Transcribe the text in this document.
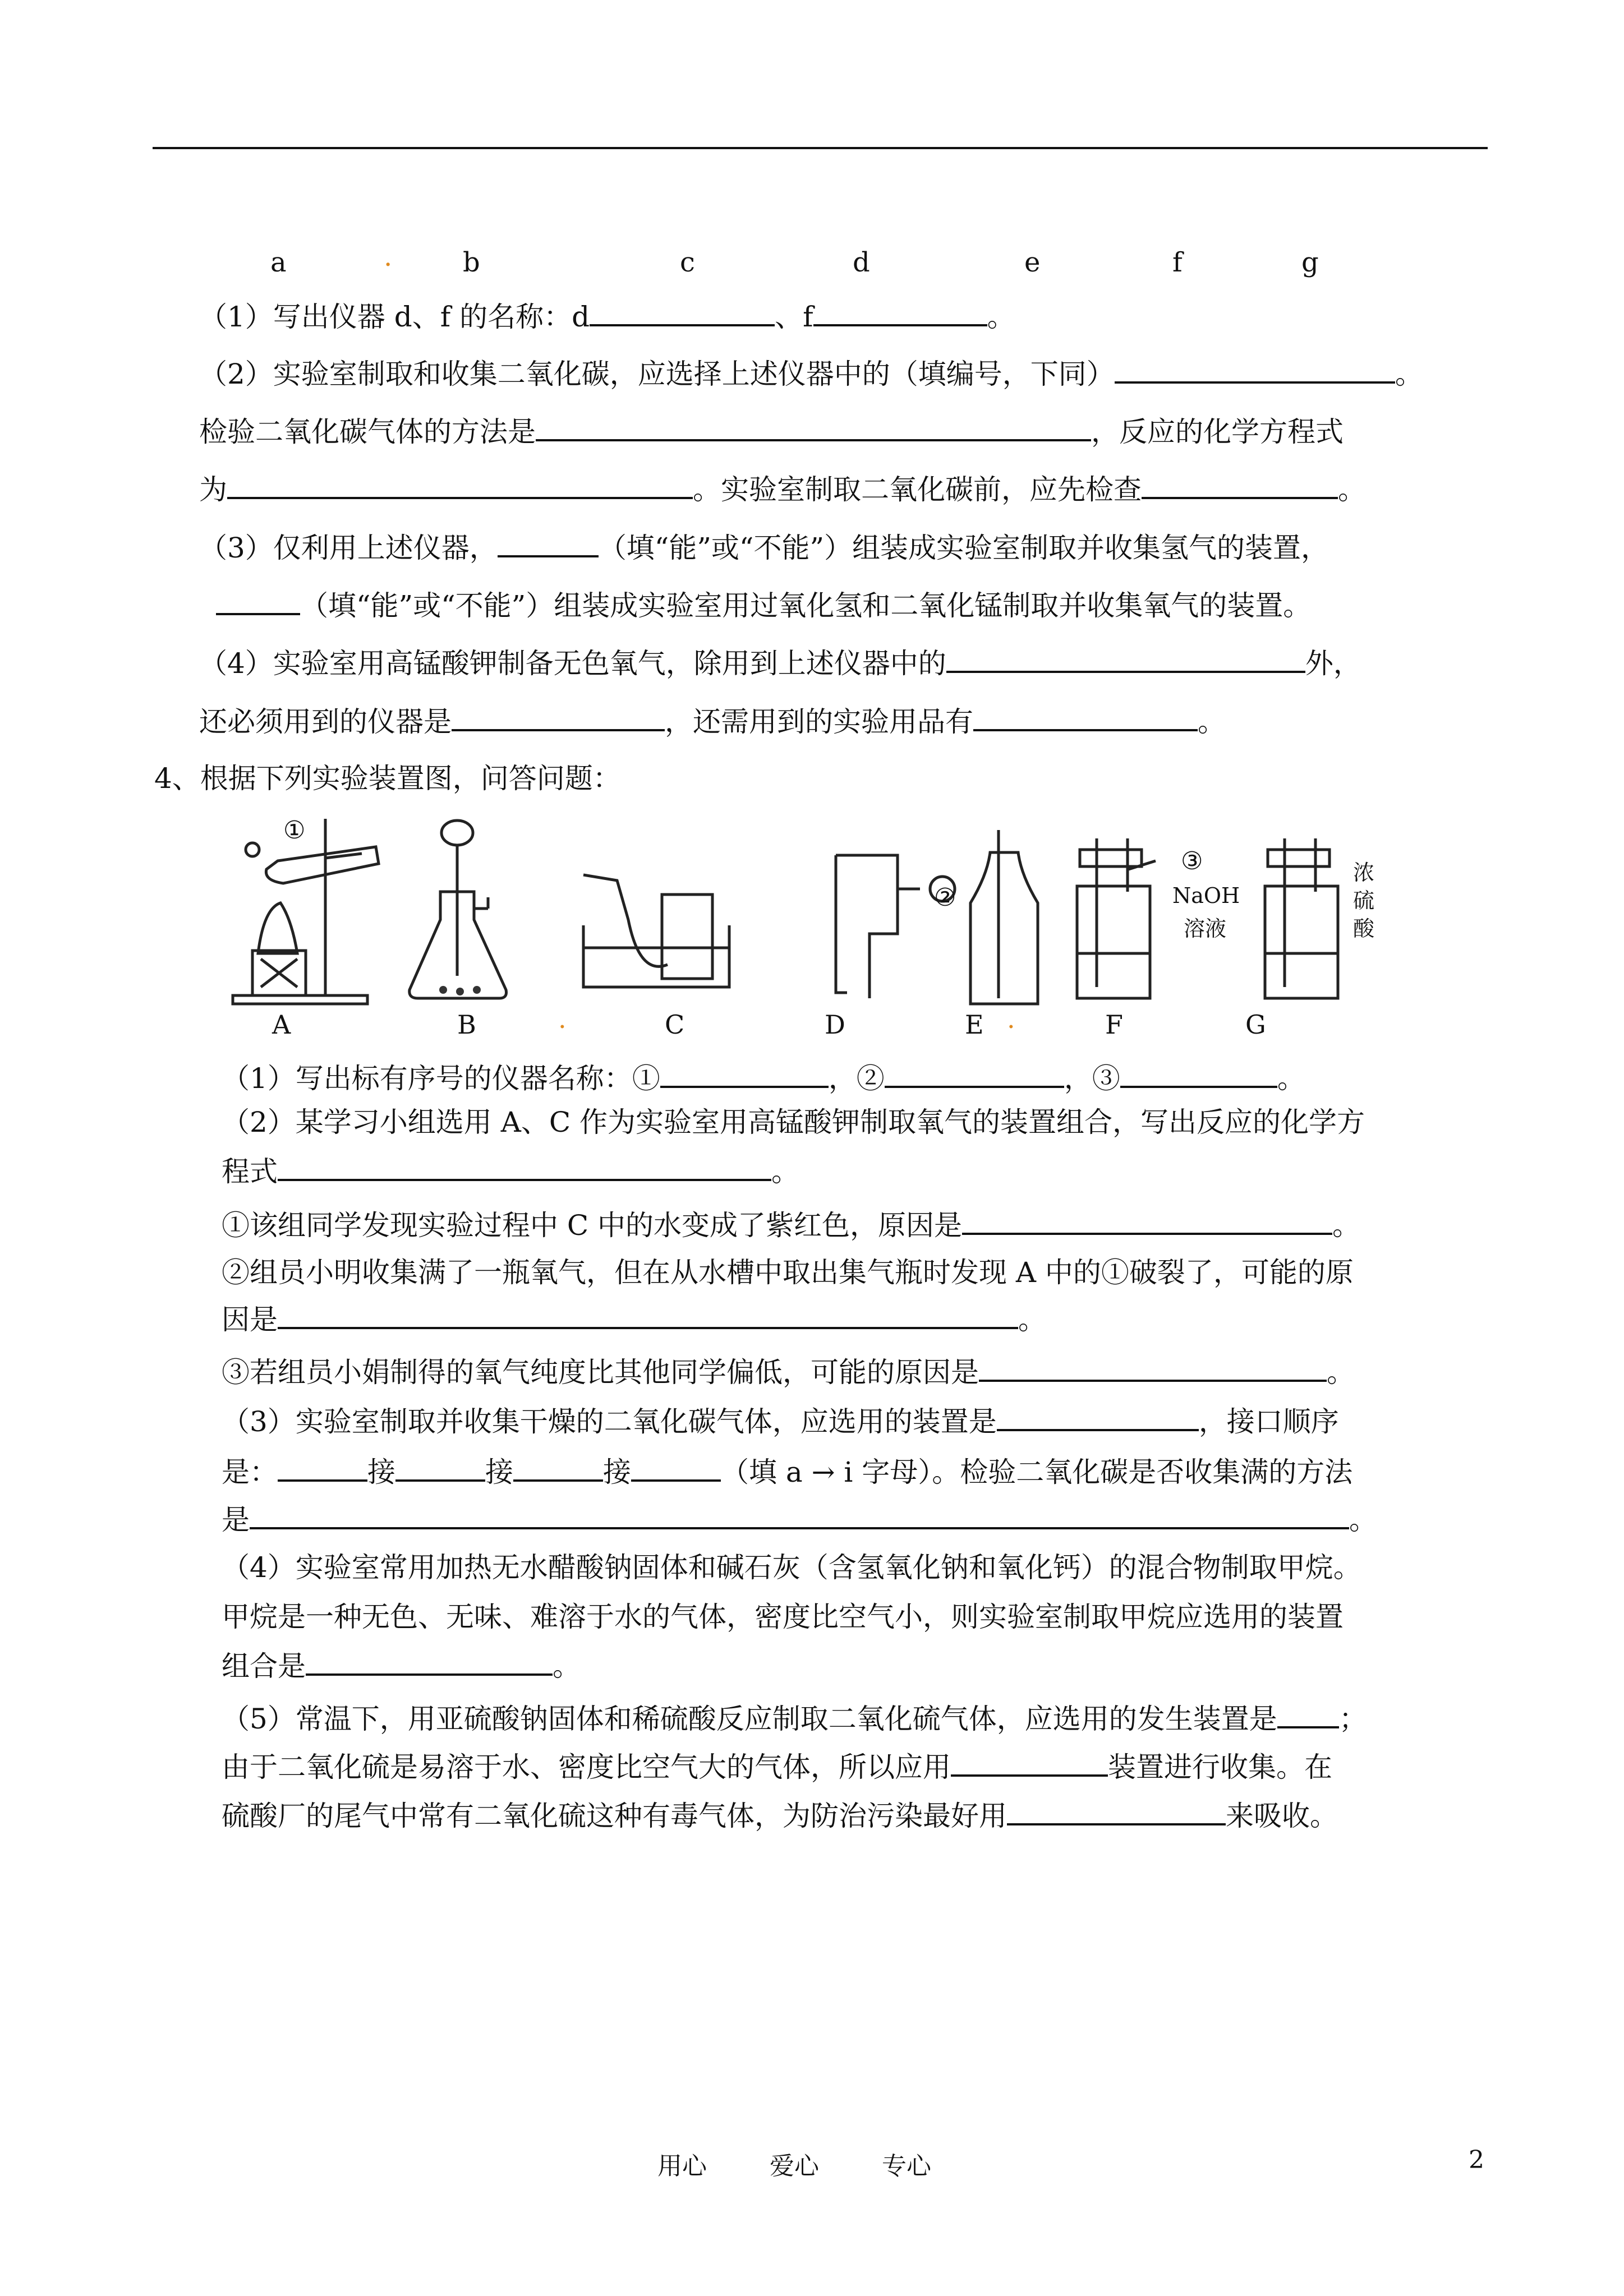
a	.	b	c	d	e	f	g
（1）写出仪器 d、f 的名称：d	、f	。
（2）实验室制取和收集二氧化碳，应选择上述仪器中的（填编号，下同）	。
检验二氧化碳气体的方法是	，反应的化学方程式
为	。实验室制取二氧化碳前，应先检查	。
（3）仅利用上述仪器，	（填“能”或“不能”）组装成实验室制取并收集氢气的装置，
（填“能”或“不能”）组装成实验室用过氧化氢和二氧化锰制取并收集氧气的装置。
（4）实验室用高锰酸钾制备无色氧气，除用到上述仪器中的	外，
还必须用到的仪器是	，还需用到的实验用品有	。
4、根据下列实验装置图，问答问题：
①
②
③
NaOH
溶液
浓
硫
酸
A	B	.	C	D	E .	F	G
（1）写出标有序号的仪器名称：①	，②	，③	。
（2）某学习小组选用 A、C 作为实验室用高锰酸钾制取氧气的装置组合，写出反应的化学方
程式	。
①该组同学发现实验过程中 C 中的水变成了紫红色，原因是	。
②组员小明收集满了一瓶氧气，但在从水槽中取出集气瓶时发现 A 中的①破裂了，可能的原
因是	。
③若组员小娟制得的氧气纯度比其他同学偏低，可能的原因是	。
（3）实验室制取并收集干燥的二氧化碳气体，应选用的装置是	，接口顺序
是：	接	接	接	（填 a → i 字母）。检验二氧化碳是否收集满的方法
是	。
（4）实验室常用加热无水醋酸钠固体和碱石灰（含氢氧化钠和氧化钙）的混合物制取甲烷。
甲烷是一种无色、无味、难溶于水的气体，密度比空气小，则实验室制取甲烷应选用的装置
组合是	。
（5）常温下，用亚硫酸钠固体和稀硫酸反应制取二氧化硫气体，应选用的发生装置是 ；
由于二氧化硫是易溶于水、密度比空气大的气体，所以应用	装置进行收集。在
硫酸厂的尾气中常有二氧化硫这种有毒气体，为防治污染最好用	来吸收。
用心	爱心	专心	2
